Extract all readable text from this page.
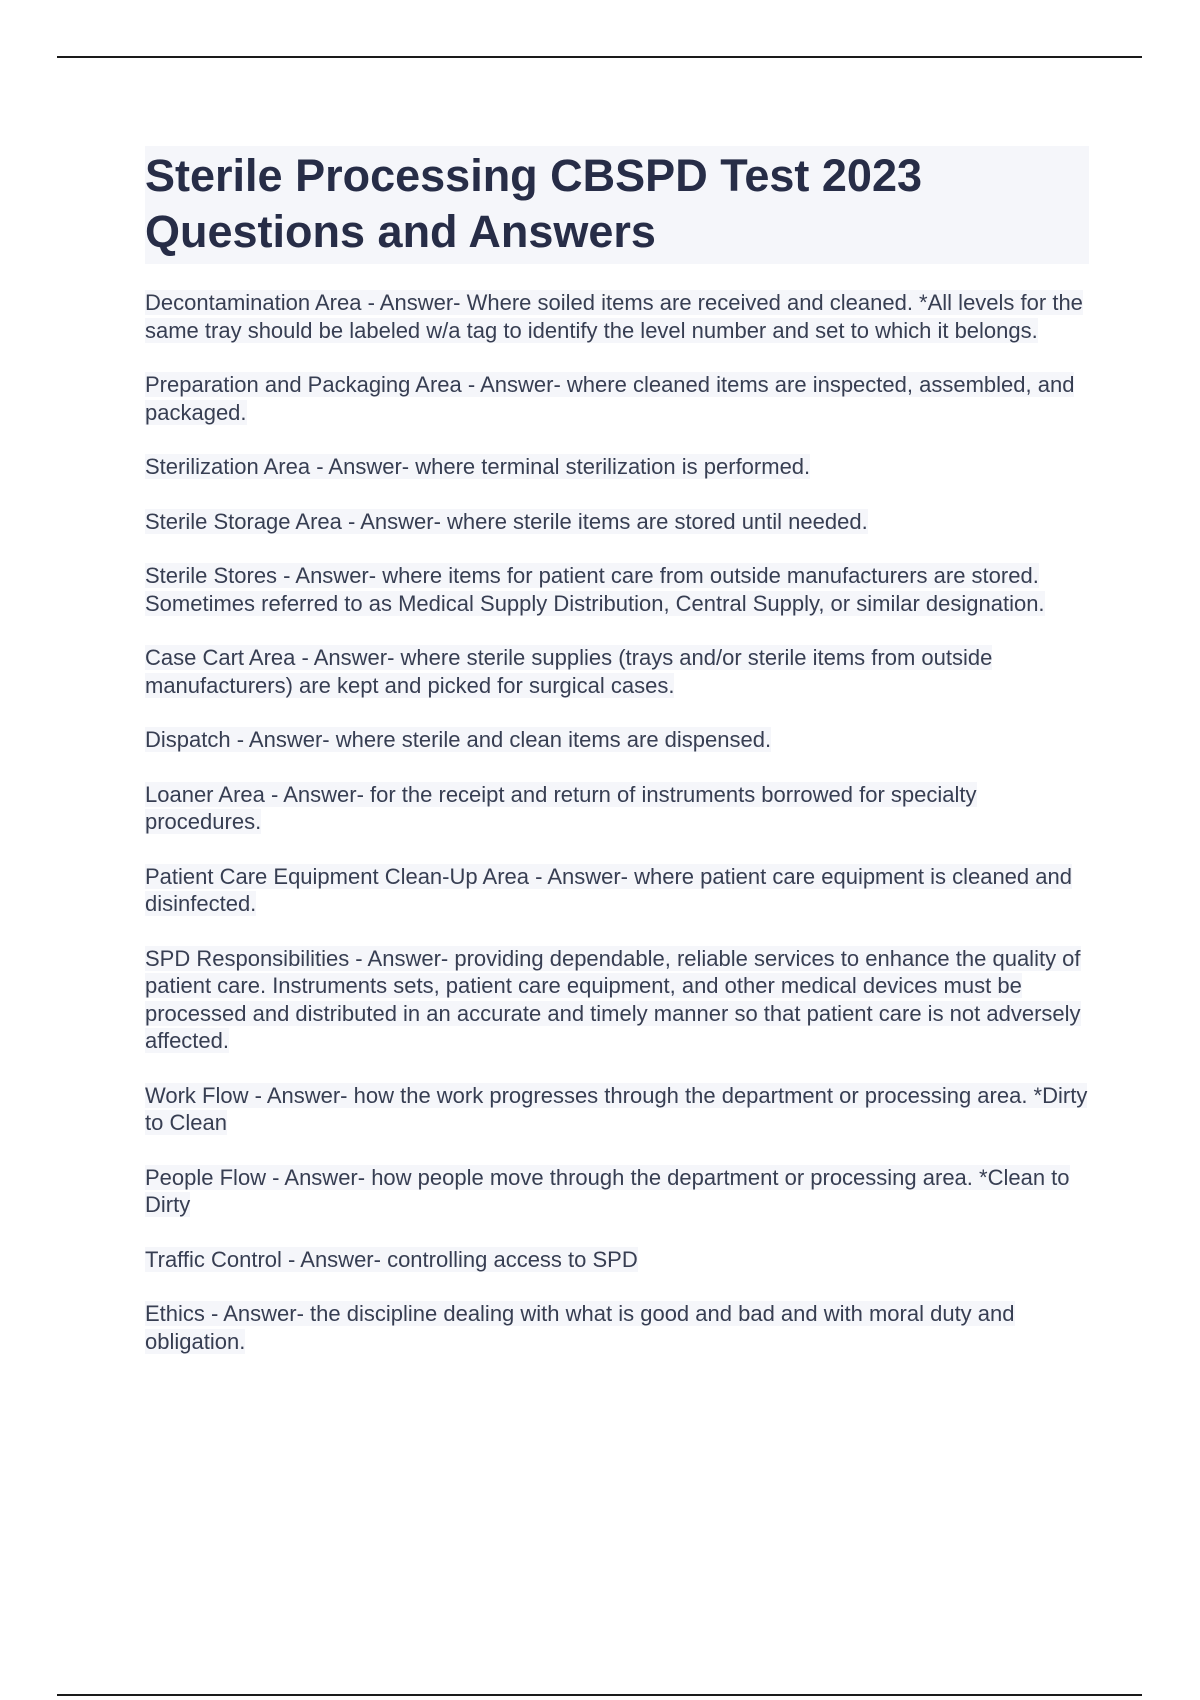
Sterile Processing CBSPD Test 2023
Questions and Answers

Decontamination Area - Answer- Where soiled items are received and cleaned. *All levels for the same tray should be labeled w/a tag to identify the level number and set to which it belongs.

Preparation and Packaging Area - Answer- where cleaned items are inspected, assembled, and packaged.

Sterilization Area - Answer- where terminal sterilization is performed.

Sterile Storage Area - Answer- where sterile items are stored until needed.

Sterile Stores - Answer- where items for patient care from outside manufacturers are stored. Sometimes referred to as Medical Supply Distribution, Central Supply, or similar designation.

Case Cart Area - Answer- where sterile supplies (trays and/or sterile items from outside manufacturers) are kept and picked for surgical cases.

Dispatch - Answer- where sterile and clean items are dispensed.

Loaner Area - Answer- for the receipt and return of instruments borrowed for specialty procedures.

Patient Care Equipment Clean-Up Area - Answer- where patient care equipment is cleaned and disinfected.

SPD Responsibilities - Answer- providing dependable, reliable services to enhance the quality of patient care. Instruments sets, patient care equipment, and other medical devices must be processed and distributed in an accurate and timely manner so that patient care is not adversely affected.

Work Flow - Answer- how the work progresses through the department or processing area. *Dirty to Clean

People Flow - Answer- how people move through the department or processing area. *Clean to Dirty

Traffic Control - Answer- controlling access to SPD

Ethics - Answer- the discipline dealing with what is good and bad and with moral duty and obligation.
